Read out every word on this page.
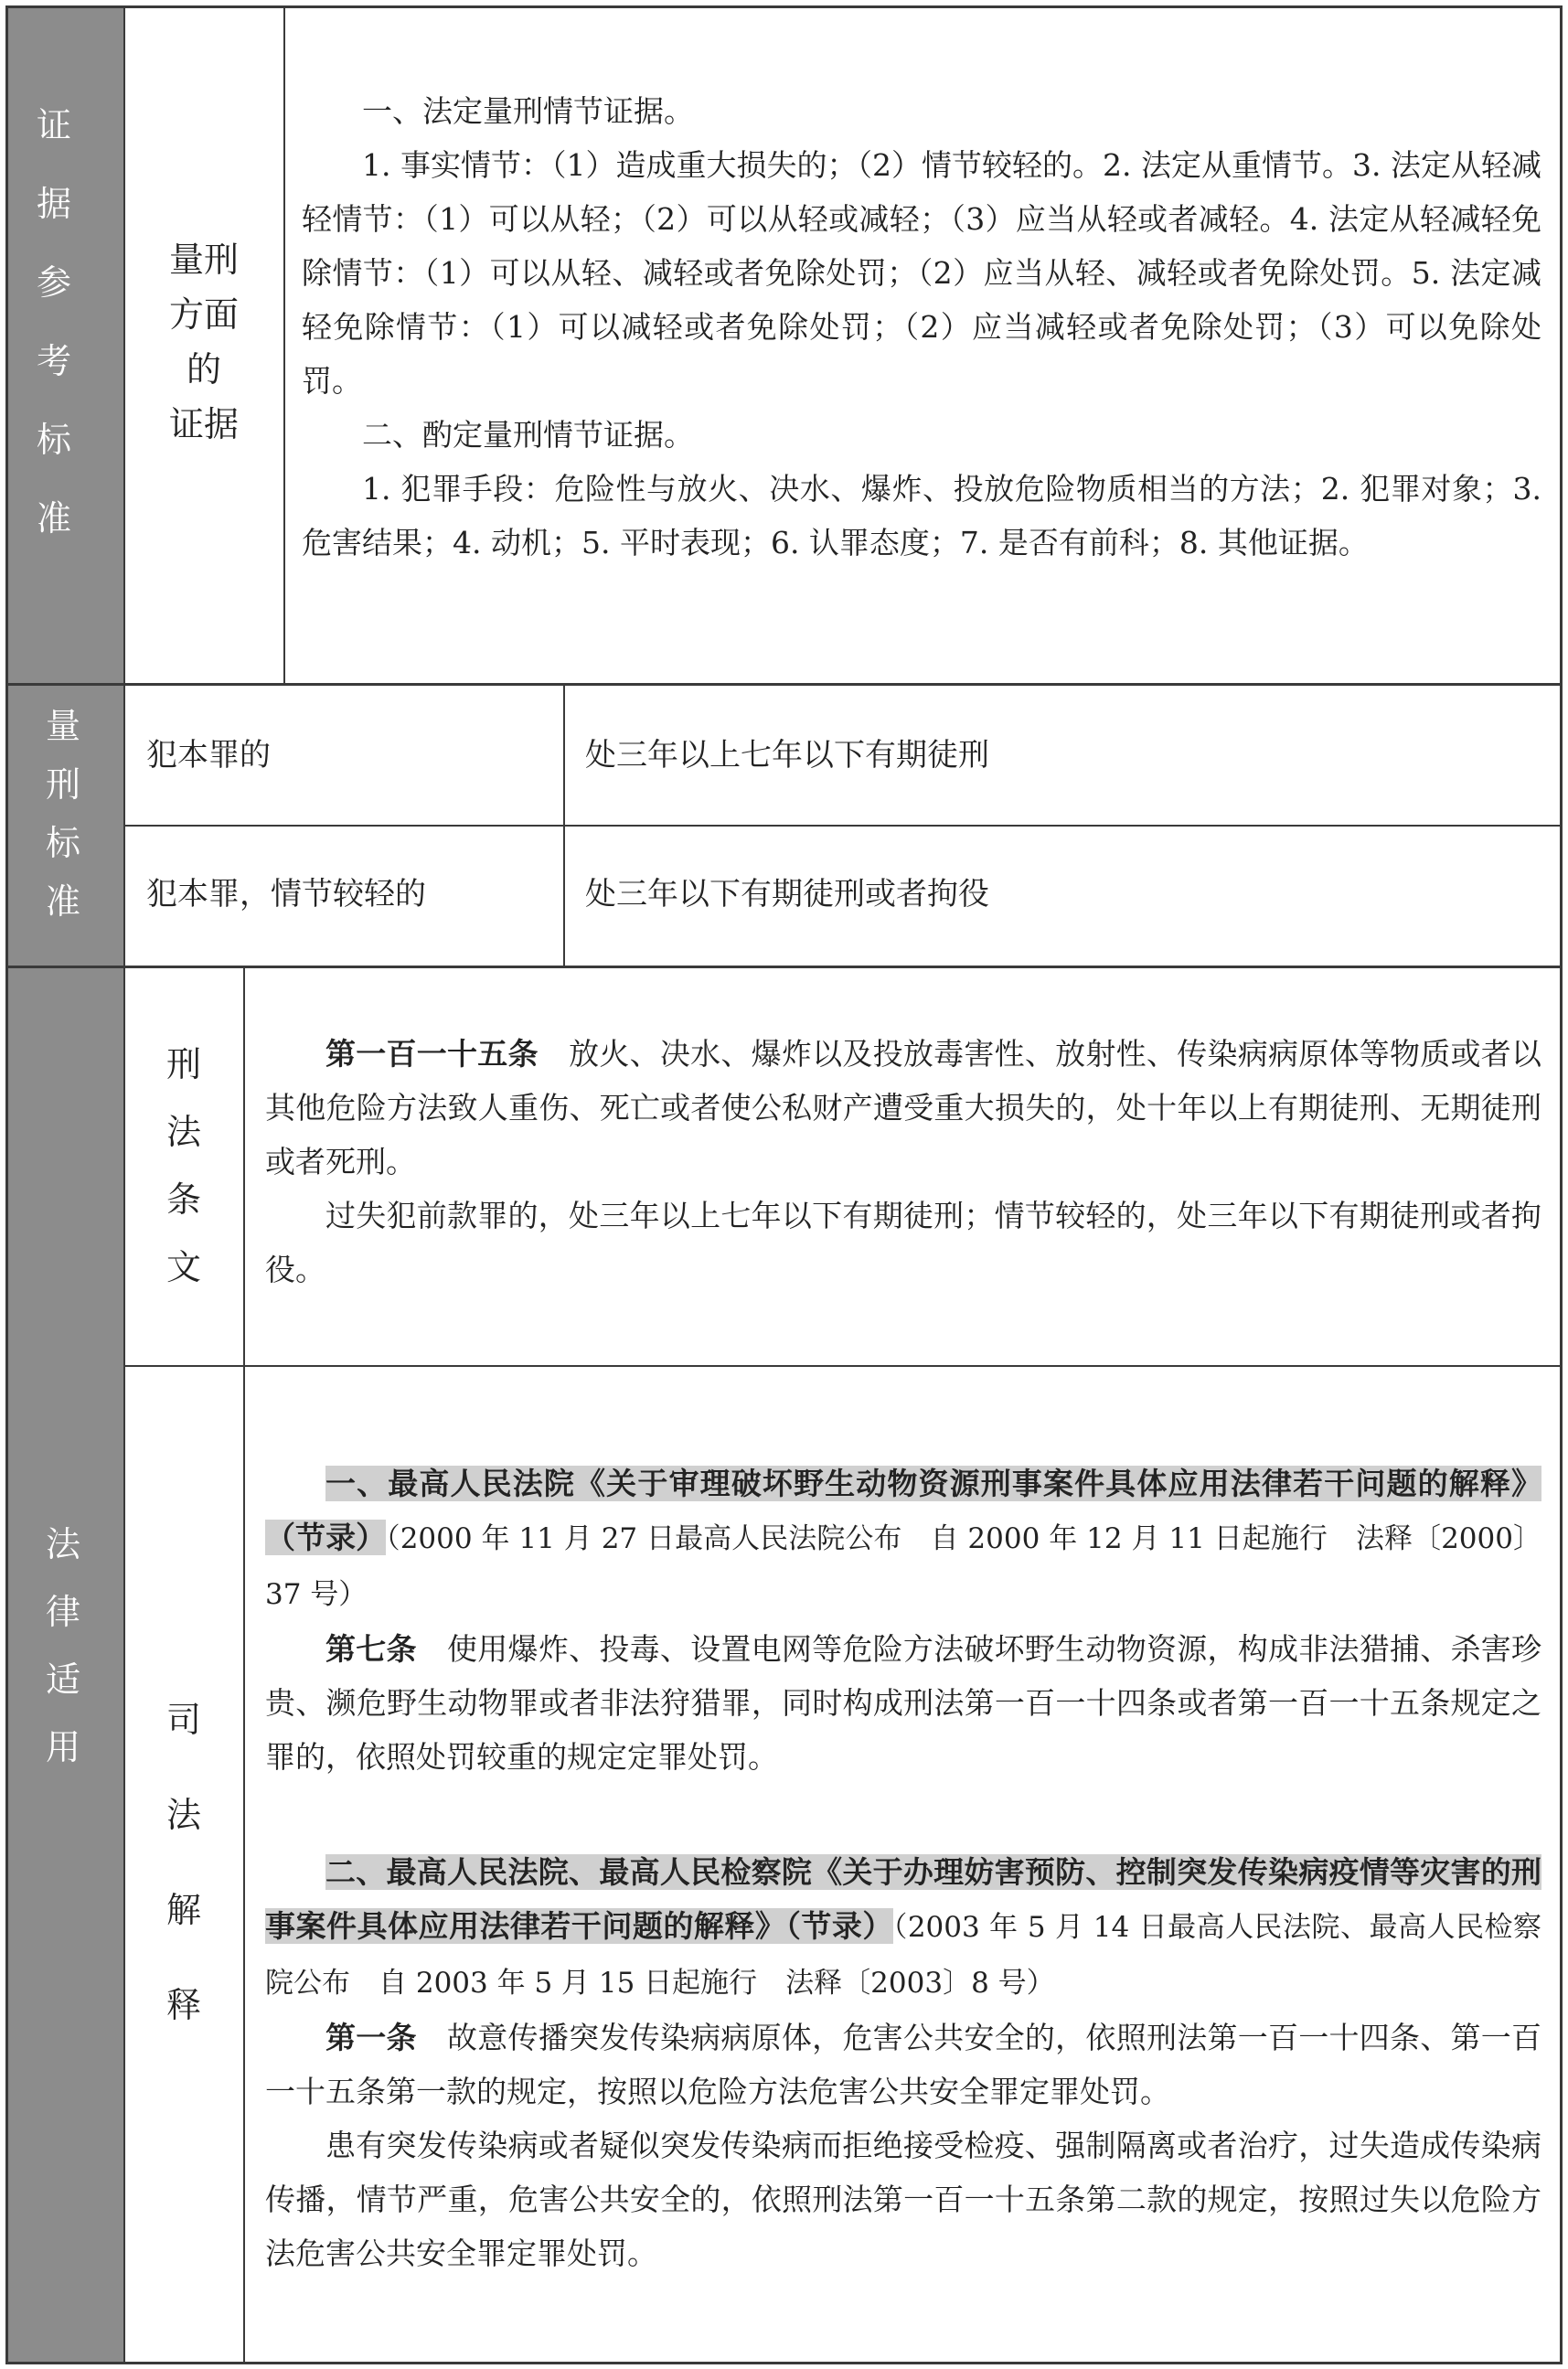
证
据
参
考
标
准
量刑
方面
的
证据

一、法定量刑情节证据。

1. 事实情节：（1）造成重大损失的；（2）情节较轻的。2. 法定从重情节。3. 法定从轻减轻情节：（1）可以从轻；（2）可以从轻或减轻；（3）应当从轻或者减轻。4. 法定从轻减轻免除情节：（1）可以从轻、减轻或者免除处罚；（2）应当从轻、减轻或者免除处罚。5. 法定减轻免除情节：（1）可以减轻或者免除处罚；（2）应当减轻或者免除处罚；（3）可以免除处罚。

二、酌定量刑情节证据。

1. 犯罪手段：危险性与放火、决水、爆炸、投放危险物质相当的方法；2. 犯罪对象；3. 危害结果；4. 动机；5. 平时表现；6. 认罪态度；7. 是否有前科；8. 其他证据。

量
刑
标
准
犯本罪的	处三年以上七年以下有期徒刑
犯本罪，情节较轻的	处三年以下有期徒刑或者拘役
法
律
适
用
刑
法
条
文

第一百一十五条　 放火、决水、爆炸以及投放毒害性、放射性、传染病病原体等物质或者以其他危险方法致人重伤、死亡或者使公私财产遭受重大损失的，处十年以上有期徒刑、无期徒刑或者死刑。

过失犯前款罪的，处三年以上七年以下有期徒刑；情节较轻的，处三年以下有期徒刑或者拘役。

司
法
解
释

一、最高人民法院《关于审理破坏野生动物资源刑事案件具体应用法律若干问题的解释》（节录）（2000 年 11 月 27 日最高人民法院公布　自 2000 年 12 月 11 日起施行　法释〔2000〕37 号）

第七条　 使用爆炸、投毒、设置电网等危险方法破坏野生动物资源，构成非法猎捕、杀害珍贵、濒危野生动物罪或者非法狩猎罪，同时构成刑法第一百一十四条或者第一百一十五条规定之罪的，依照处罚较重的规定定罪处罚。

二、最高人民法院、最高人民检察院《关于办理妨害预防、控制突发传染病疫情等灾害的刑事案件具体应用法律若干问题的解释》（节录）（2003 年 5 月 14 日最高人民法院、最高人民检察院公布　自 2003 年 5 月 15 日起施行　法释〔2003〕8 号）

第一条　 故意传播突发传染病病原体，危害公共安全的，依照刑法第一百一十四条、第一百一十五条第一款的规定，按照以危险方法危害公共安全罪定罪处罚。

患有突发传染病或者疑似突发传染病而拒绝接受检疫、强制隔离或者治疗，过失造成传染病传播，情节严重，危害公共安全的，依照刑法第一百一十五条第二款的规定，按照过失以危险方法危害公共安全罪定罪处罚。
